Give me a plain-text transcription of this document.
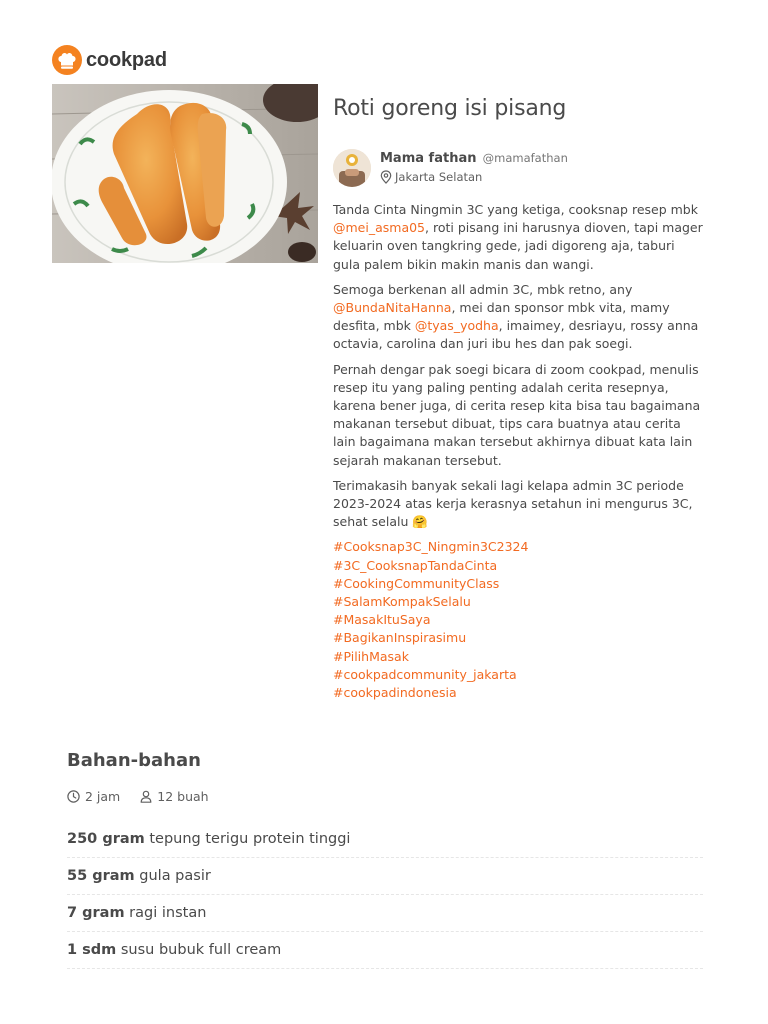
cookpad
Roti goreng isi pisang
Mama fathan @mamafathan
Jakarta Selatan

Tanda Cinta Ningmin 3C yang ketiga, cooksnap resep mbk @mei_asma05, roti pisang ini harusnya dioven, tapi mager keluarin oven tangkring gede, jadi digoreng aja, taburi gula palem bikin makin manis dan wangi.

Semoga berkenan all admin 3C, mbk retno, any @BundaNitaHanna, mei dan sponsor mbk vita, mamy desfita, mbk @tyas_yodha, imaimey, desriayu, rossy anna octavia, carolina dan juri ibu hes dan pak soegi.

Pernah dengar pak soegi bicara di zoom cookpad, menulis resep itu yang paling penting adalah cerita resepnya, karena bener juga, di cerita resep kita bisa tau bagaimana makanan tersebut dibuat, tips cara buatnya atau cerita lain bagaimana makan tersebut akhirnya dibuat kata lain sejarah makanan tersebut.

Terimakasih banyak sekali lagi kelapa admin 3C periode 2023-2024 atas kerja kerasnya setahun ini mengurus 3C, sehat selalu 🤗

#Cooksnap3C_Ningmin3C2324
#3C_CooksnapTandaCinta
#CookingCommunityClass
#SalamKompakSelalu
#MasakItuSaya
#BagikanInspirasimu
#PilihMasak
#cookpadcommunity_jakarta
#cookpadindonesia

Bahan-bahan
2 jam	12 buah
250 gram tepung terigu protein tinggi
55 gram gula pasir
7 gram ragi instan
1 sdm susu bubuk full cream
